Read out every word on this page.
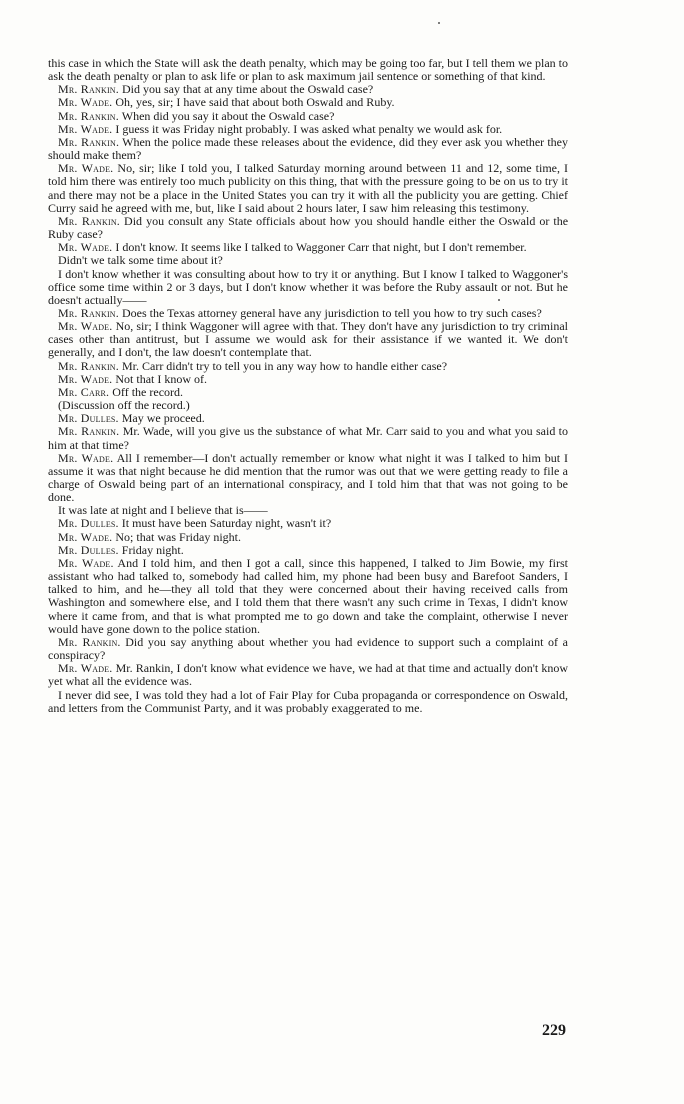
this case in which the State will ask the death penalty, which may be going too far, but I tell them we plan to ask the death penalty or plan to ask life or plan to ask maximum jail sentence or something of that kind.

Mr. Rankin. Did you say that at any time about the Oswald case?

Mr. Wade. Oh, yes, sir; I have said that about both Oswald and Ruby.

Mr. Rankin. When did you say it about the Oswald case?

Mr. Wade. I guess it was Friday night probably. I was asked what penalty we would ask for.

Mr. Rankin. When the police made these releases about the evidence, did they ever ask you whether they should make them?

Mr. Wade. No, sir; like I told you, I talked Saturday morning around between 11 and 12, some time, I told him there was entirely too much publicity on this thing, that with the pressure going to be on us to try it and there may not be a place in the United States you can try it with all the publicity you are getting. Chief Curry said he agreed with me, but, like I said about 2 hours later, I saw him releasing this testimony.

Mr. Rankin. Did you consult any State officials about how you should handle either the Oswald or the Ruby case?

Mr. Wade. I don't know. It seems like I talked to Waggoner Carr that night, but I don't remember.

Didn't we talk some time about it?

I don't know whether it was consulting about how to try it or anything. But I know I talked to Waggoner's office some time within 2 or 3 days, but I don't know whether it was before the Ruby assault or not. But he doesn't actually——

Mr. Rankin. Does the Texas attorney general have any jurisdiction to tell you how to try such cases?

Mr. Wade. No, sir; I think Waggoner will agree with that. They don't have any jurisdiction to try criminal cases other than antitrust, but I assume we would ask for their assistance if we wanted it. We don't generally, and I don't, the law doesn't contemplate that.

Mr. Rankin. Mr. Carr didn't try to tell you in any way how to handle either case?

Mr. Wade. Not that I know of.

Mr. Carr. Off the record.

(Discussion off the record.)

Mr. Dulles. May we proceed.

Mr. Rankin. Mr. Wade, will you give us the substance of what Mr. Carr said to you and what you said to him at that time?

Mr. Wade. All I remember—I don't actually remember or know what night it was I talked to him but I assume it was that night because he did mention that the rumor was out that we were getting ready to file a charge of Oswald being part of an international conspiracy, and I told him that that was not going to be done.

It was late at night and I believe that is——

Mr. Dulles. It must have been Saturday night, wasn't it?

Mr. Wade. No; that was Friday night.

Mr. Dulles. Friday night.

Mr. Wade. And I told him, and then I got a call, since this happened, I talked to Jim Bowie, my first assistant who had talked to, somebody had called him, my phone had been busy and Barefoot Sanders, I talked to him, and he—they all told that they were concerned about their having received calls from Washington and somewhere else, and I told them that there wasn't any such crime in Texas, I didn't know where it came from, and that is what prompted me to go down and take the complaint, otherwise I never would have gone down to the police station.

Mr. Rankin. Did you say anything about whether you had evidence to support such a complaint of a conspiracy?

Mr. Wade. Mr. Rankin, I don't know what evidence we have, we had at that time and actually don't know yet what all the evidence was.

I never did see, I was told they had a lot of Fair Play for Cuba propaganda or correspondence on Oswald, and letters from the Communist Party, and it was probably exaggerated to me.

229
